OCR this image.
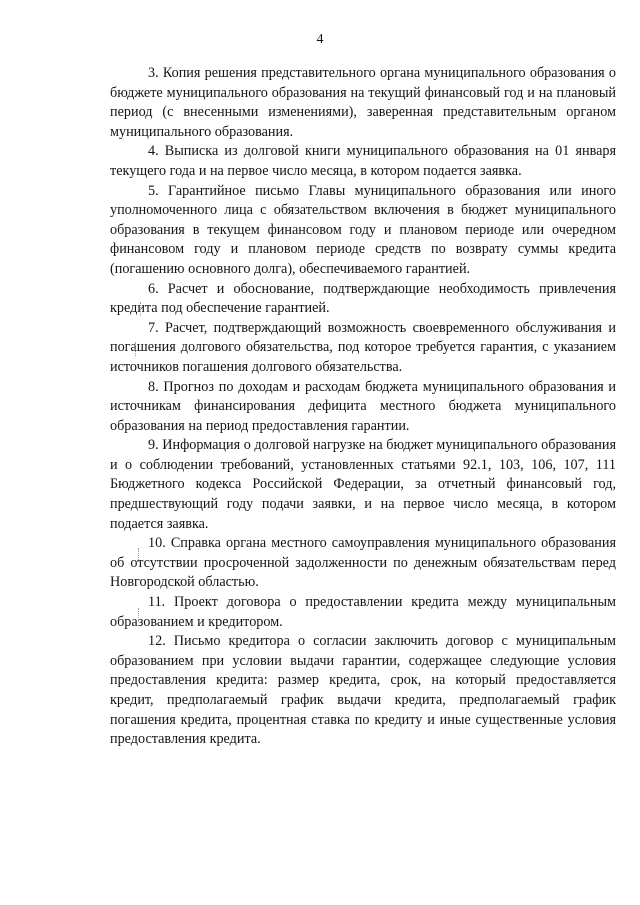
4

3. Копия решения представительного органа муниципального образования о бюджете муниципального образования на текущий финансовый год и на плановый период (с внесенными изменениями), заверенная представительным органом муниципального образования.

4. Выписка из долговой книги муниципального образования на 01 января текущего года и на первое число месяца, в котором подается заявка.

5. Гарантийное письмо Главы муниципального образования или иного уполномоченного лица с обязательством включения в бюджет муниципального образования в текущем финансовом году и плановом периоде или очередном финансовом году и плановом периоде средств по возврату суммы кредита (погашению основного долга), обеспечиваемого гарантией.

6. Расчет и обоснование, подтверждающие необходимость привлечения кредита под обеспечение гарантией.

7. Расчет, подтверждающий возможность своевременного обслуживания и погашения долгового обязательства, под которое требуется гарантия, с указанием источников погашения долгового обязательства.

8. Прогноз по доходам и расходам бюджета муниципального образования и источникам финансирования дефицита местного бюджета муниципального образования на период предоставления гарантии.

9. Информация о долговой нагрузке на бюджет муниципального образования и о соблюдении требований, установленных статьями 92.1, 103, 106, 107, 111 Бюджетного кодекса Российской Федерации, за отчетный финансовый год, предшествующий году подачи заявки, и на первое число месяца, в котором подается заявка.

10. Справка органа местного самоуправления муниципального образования об отсутствии просроченной задолженности по денежным обязательствам перед Новгородской областью.

11. Проект договора о предоставлении кредита между муниципальным образованием и кредитором.

12. Письмо кредитора о согласии заключить договор с муниципальным образованием при условии выдачи гарантии, содержащее следующие условия предоставления кредита: размер кредита, срок, на который предоставляется кредит, предполагаемый график выдачи кредита, предполагаемый график погашения кредита, процентная ставка по кредиту и иные существенные условия предоставления кредита.
